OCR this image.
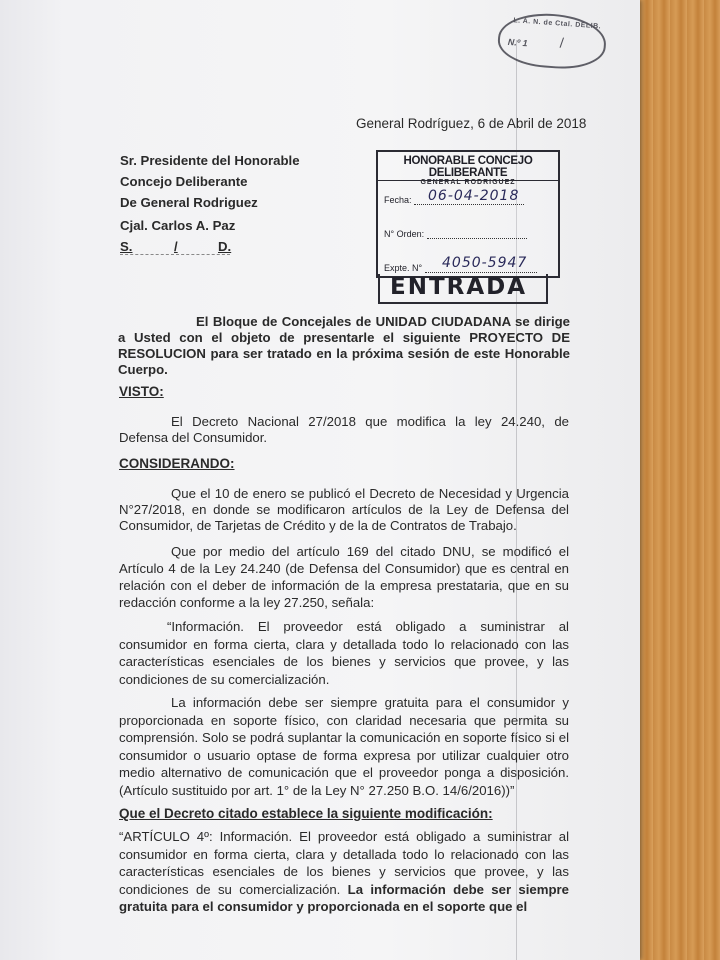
L. A. N. de Ctal. DELIB.
N.º 1 /
General Rodríguez, 6 de Abril de 2018
Sr. Presidente del Honorable
Concejo Deliberante
De General Rodriguez
Cjal. Carlos A. Paz
S.	/	D.
HONORABLE CONCEJO DELIBERANTE
GENERAL RODRIGUEZ
Fecha:	06-04-2018
N° Orden:
Expte. N°	4050-5947
ENTRADA
El Bloque de Concejales de UNIDAD CIUDADANA se dirige a Usted con el objeto de presentarle el siguiente PROYECTO DE RESOLUCION para ser tratado en la próxima sesión de este Honorable Cuerpo.
VISTO:
El Decreto Nacional 27/2018 que modifica la ley 24.240, de Defensa del Consumidor.
CONSIDERANDO:
Que el 10 de enero se publicó el Decreto de Necesidad y Urgencia N°27/2018, en donde se modificaron artículos de la Ley de Defensa del Consumidor, de Tarjetas de Crédito y de la de Contratos de Trabajo.
Que por medio del artículo 169 del citado DNU, se modificó el Artículo 4 de la Ley 24.240 (de Defensa del Consumidor) que es central en relación con el deber de información de la empresa prestataria, que en su redacción conforme a la ley 27.250, señala:
“Información. El proveedor está obligado a suministrar al consumidor en forma cierta, clara y detallada todo lo relacionado con las características esenciales de los bienes y servicios que provee, y las condiciones de su comercialización.
La información debe ser siempre gratuita para el consumidor y proporcionada en soporte físico, con claridad necesaria que permita su comprensión. Solo se podrá suplantar la comunicación en soporte físico si el consumidor o usuario optase de forma expresa por utilizar cualquier otro medio alternativo de comunicación que el proveedor ponga a disposición. (Artículo sustituido por art. 1° de la Ley N° 27.250 B.O. 14/6/2016))”
Que el Decreto citado establece la siguiente modificación:
“ARTÍCULO 4º: Información. El proveedor está obligado a suministrar al consumidor en forma cierta, clara y detallada todo lo relacionado con las características esenciales de los bienes y servicios que provee, y las condiciones de su comercialización. La información debe ser siempre gratuita para el consumidor y proporcionada en el soporte que el
